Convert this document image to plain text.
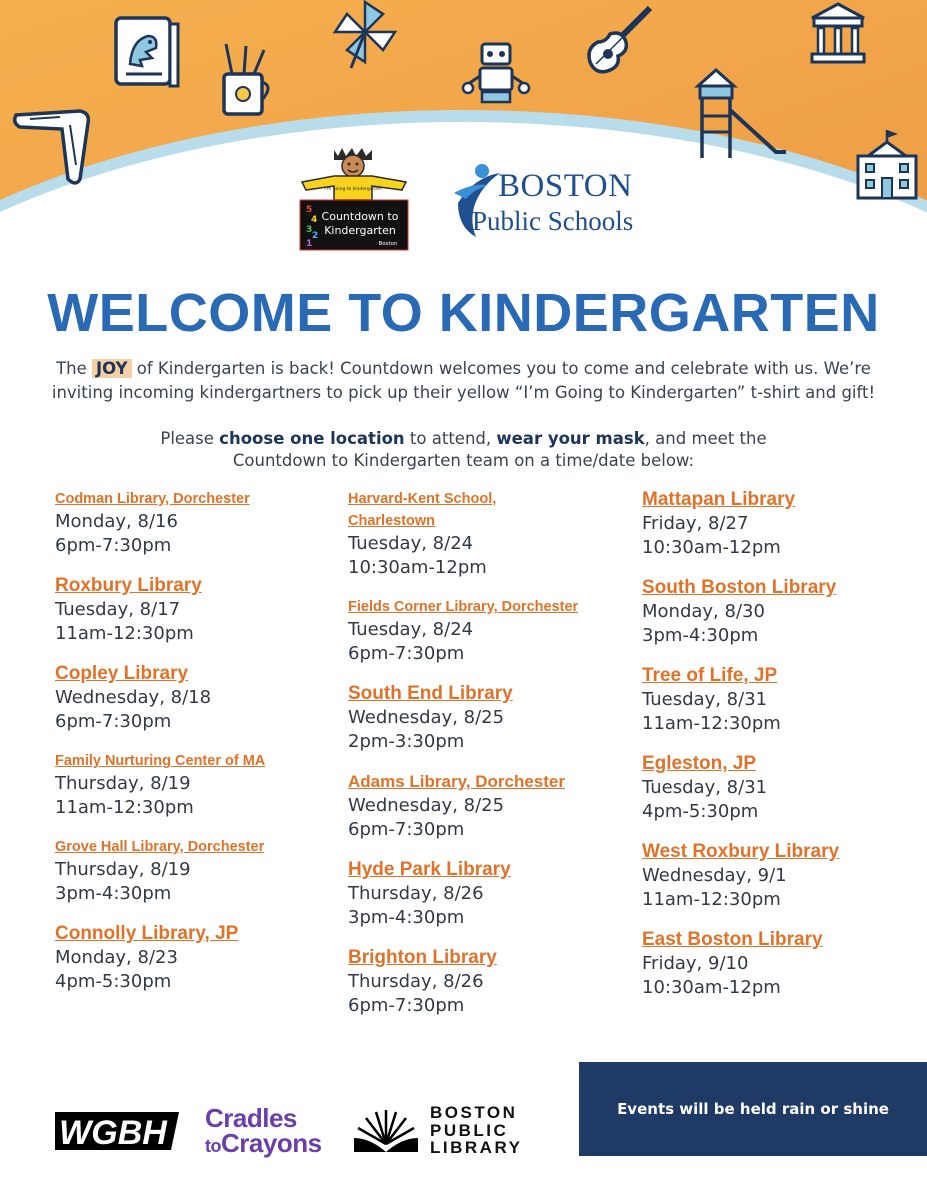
I'm going to kindergarten
5
4
3
2
1
Countdown to
Kindergarten
Boston
BOSTON
Public Schools
WELCOME TO KINDERGARTEN
The JOY of Kindergarten is back! Countdown welcomes you to come and celebrate with us. We’re
inviting incoming kindergartners to pick up their yellow “I’m Going to Kindergarten” t-shirt and gift!
Please choose one location to attend, wear your mask, and meet the
Countdown to Kindergarten team on a time/date below:
Codman Library, Dorchester
Monday, 8/16
6pm-7:30pm
Roxbury Library
Tuesday, 8/17
11am-12:30pm
Copley Library
Wednesday, 8/18
6pm-7:30pm
Family Nurturing Center of MA
Thursday, 8/19
11am-12:30pm
Grove Hall Library, Dorchester
Thursday, 8/19
3pm-4:30pm
Connolly Library, JP
Monday, 8/23
4pm-5:30pm
Harvard-Kent School,
Charlestown
Tuesday, 8/24
10:30am-12pm
Fields Corner Library, Dorchester
Tuesday, 8/24
6pm-7:30pm
South End Library
Wednesday, 8/25
2pm-3:30pm
Adams Library, Dorchester
Wednesday, 8/25
6pm-7:30pm
Hyde Park Library
Thursday, 8/26
3pm-4:30pm
Brighton Library
Thursday, 8/26
6pm-7:30pm
Mattapan Library
Friday, 8/27
10:30am-12pm
South Boston Library
Monday, 8/30
3pm-4:30pm
Tree of Life, JP
Tuesday, 8/31
11am-12:30pm
Egleston, JP
Tuesday, 8/31
4pm-5:30pm
West Roxbury Library
Wednesday, 9/1
11am-12:30pm
East Boston Library
Friday, 9/10
10:30am-12pm
WGBH Cradles
toCrayons
BOSTON
PUBLIC
LIBRARY
Events will be held rain or shine
